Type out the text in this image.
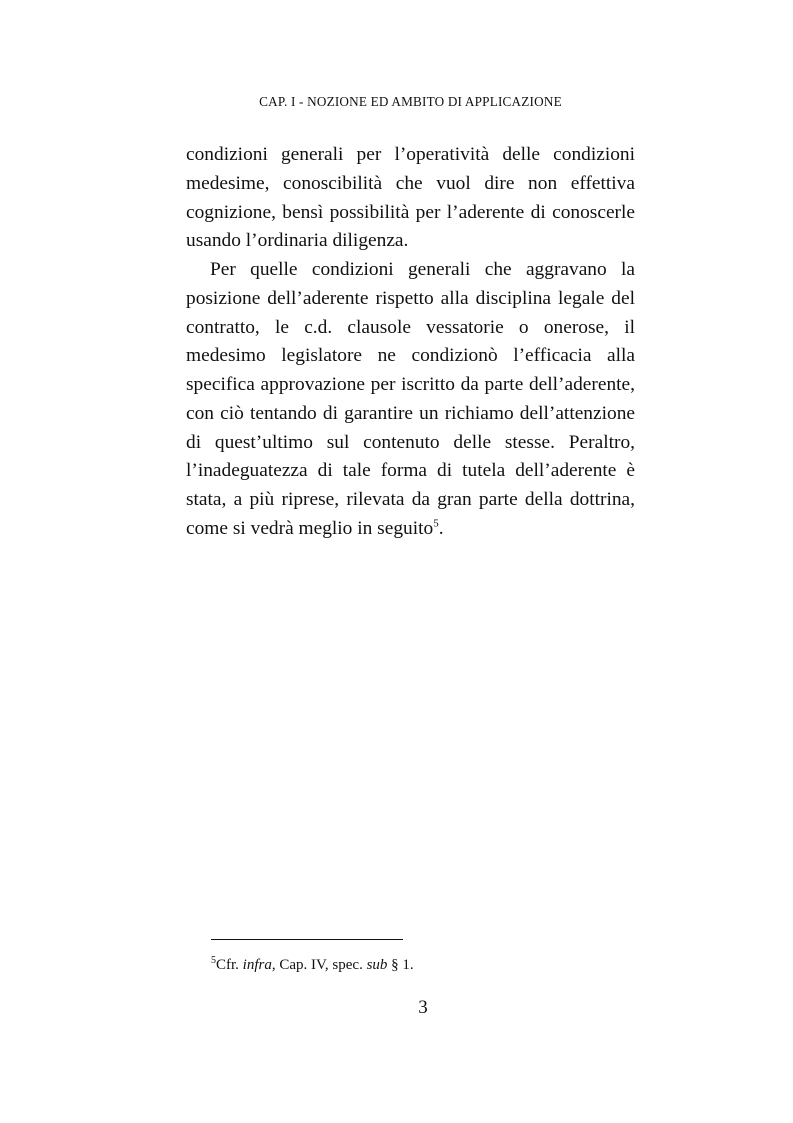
CAP. I - NOZIONE ED AMBITO DI APPLICAZIONE

condizioni generali per l’operatività delle condizioni medesime, conoscibilità che vuol dire non effettiva cognizione, bensì possibilità per l’aderente di conoscerle usando l’ordinaria diligenza.

Per quelle condizioni generali che aggravano la posizione dell’aderente rispetto alla disciplina legale del contratto, le c.d. clausole vessatorie o onerose, il medesimo legislatore ne condizionò l’efficacia alla specifica approvazione per iscritto da parte dell’aderente, con ciò tentando di garantire un richiamo dell’attenzione di quest’ultimo sul contenuto delle stesse. Peraltro, l’inadeguatezza di tale forma di tutela dell’aderente è stata, a più riprese, rilevata da gran parte della dottrina, come si vedrà meglio in seguito$^5$.

$^5$Cfr. infra, Cap. IV, spec. sub § 1.
3
